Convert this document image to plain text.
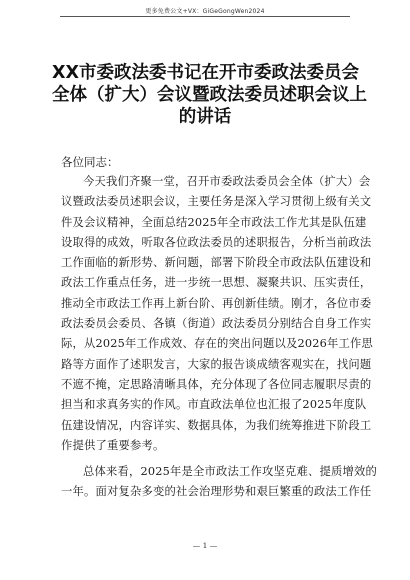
更多免费公文+VX：GiGeGongWen2024
XX市委政法委书记在开市委政法委员会
全体（扩大）会议暨政法委员述职会议上
的讲话
各位同志：
今天我们齐聚一堂，召开市委政法委员会全体（扩大）会
议暨政法委员述职会议，主要任务是深入学习贯彻上级有关文
件及会议精神，全面总结2025年全市政法工作尤其是队伍建
设取得的成效，听取各位政法委员的述职报告，分析当前政法
工作面临的新形势、新问题，部署下阶段全市政法队伍建设和
政法工作重点任务，进一步统一思想、凝聚共识、压实责任，
推动全市政法工作再上新台阶、再创新佳绩。刚才，各位市委
政法委员会委员、各镇（街道）政法委员分别结合自身工作实
际，从2025年工作成效、存在的突出问题以及2026年工作思
路等方面作了述职发言，大家的报告谈成绩客观实在，找问题
不遮不掩，定思路清晰具体，充分体现了各位同志履职尽责的
担当和求真务实的作风。市直政法单位也汇报了2025年度队
伍建设情况，内容详实、数据具体，为我们统筹推进下阶段工
作提供了重要参考。
总体来看，2025年是全市政法工作攻坚克难、提质增效的
一年。面对复杂多变的社会治理形势和艰巨繁重的政法工作任
— 1 —
